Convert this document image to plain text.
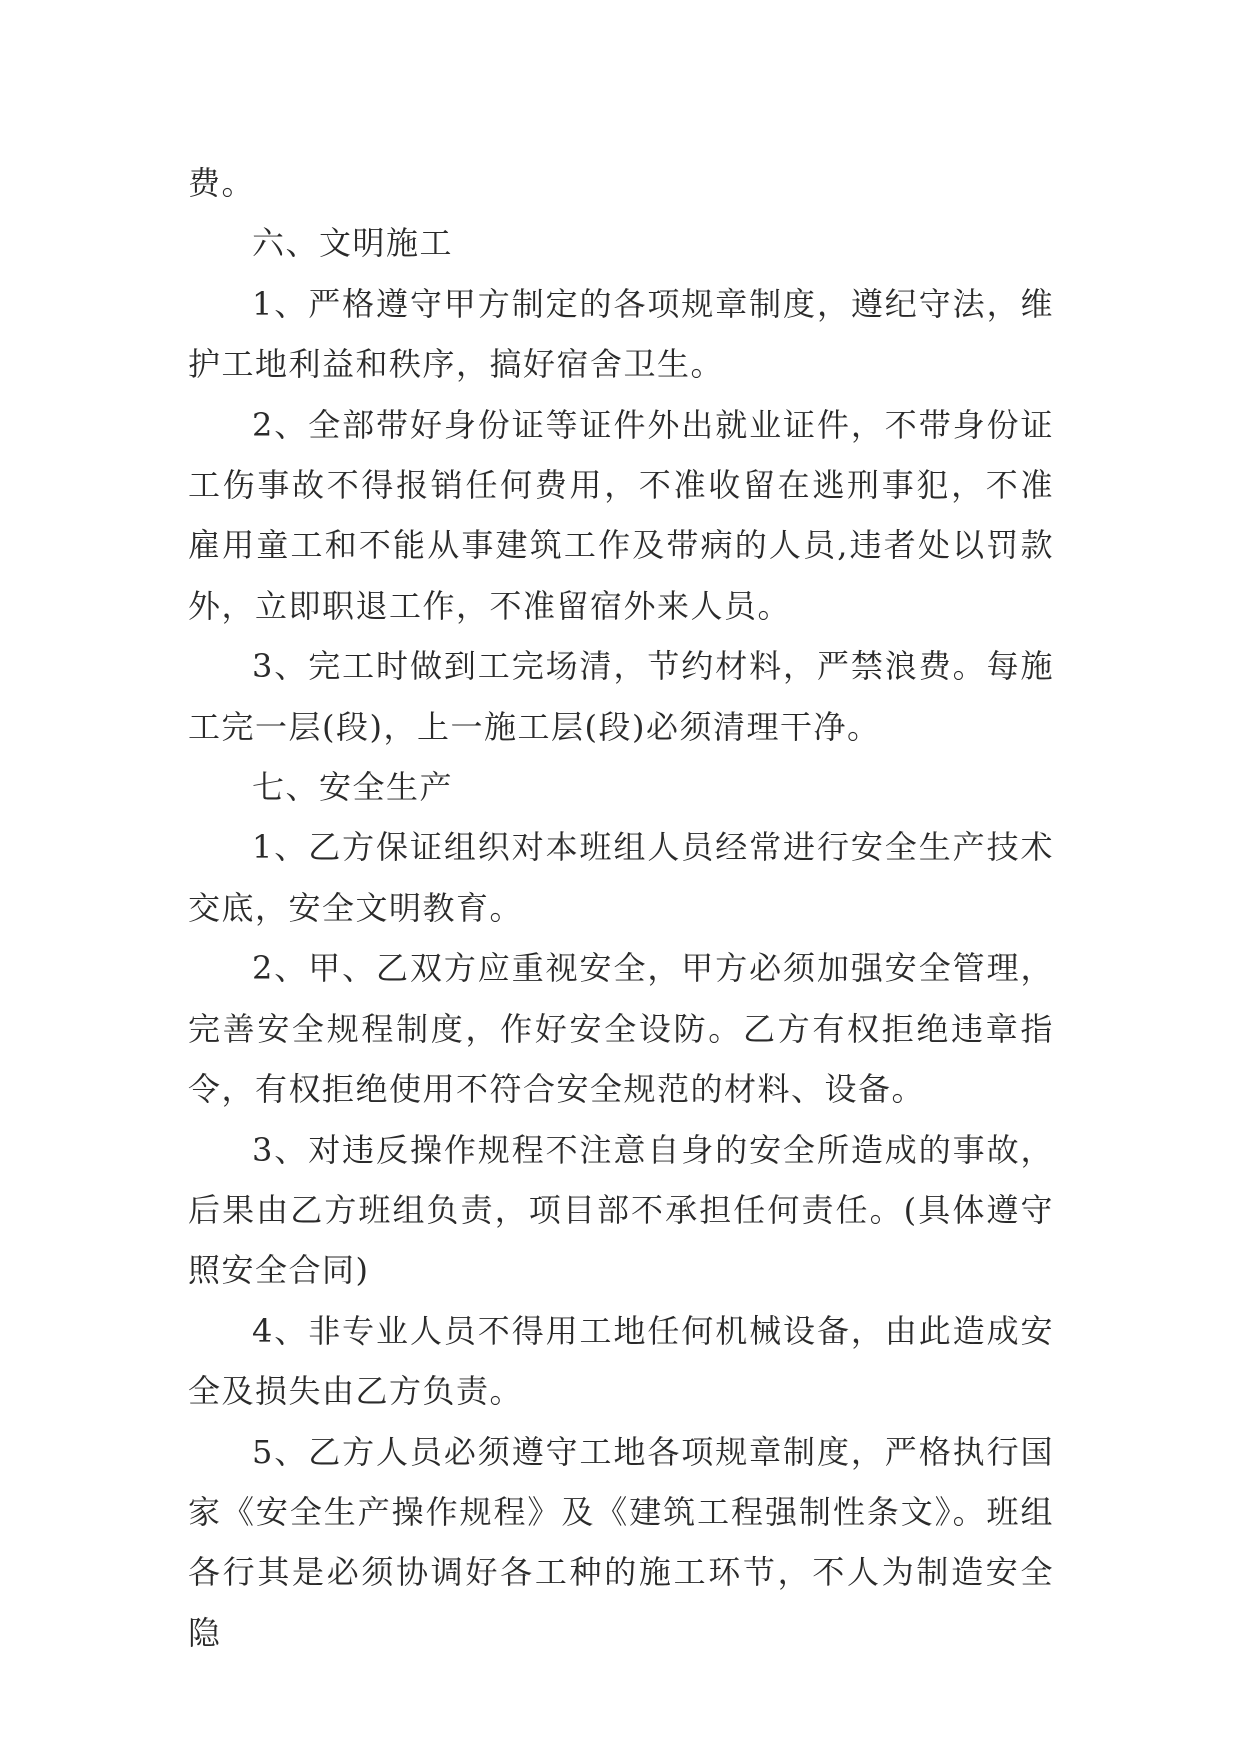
费。

六、文明施工

1、严格遵守甲方制定的各项规章制度，遵纪守法，维护工地利益和秩序，搞好宿舍卫生。

2、全部带好身份证等证件外出就业证件，不带身份证工伤事故不得报销任何费用，不准收留在逃刑事犯，不准雇用童工和不能从事建筑工作及带病的人员,违者处以罚款外，立即职退工作，不准留宿外来人员。

3、完工时做到工完场清，节约材料，严禁浪费。每施工完一层(段)，上一施工层(段)必须清理干净。

七、安全生产

1、乙方保证组织对本班组人员经常进行安全生产技术交底，安全文明教育。

2、甲、乙双方应重视安全，甲方必须加强安全管理，完善安全规程制度，作好安全设防。乙方有权拒绝违章指令，有权拒绝使用不符合安全规范的材料、设备。

3、对违反操作规程不注意自身的安全所造成的事故，后果由乙方班组负责，项目部不承担任何责任。(具体遵守照安全合同)

4、非专业人员不得用工地任何机械设备，由此造成安全及损失由乙方负责。

5、乙方人员必须遵守工地各项规章制度，严格执行国家《安全生产操作规程》及《建筑工程强制性条文》。班组各行其是必须协调好各工种的施工环节，不人为制造安全隐
